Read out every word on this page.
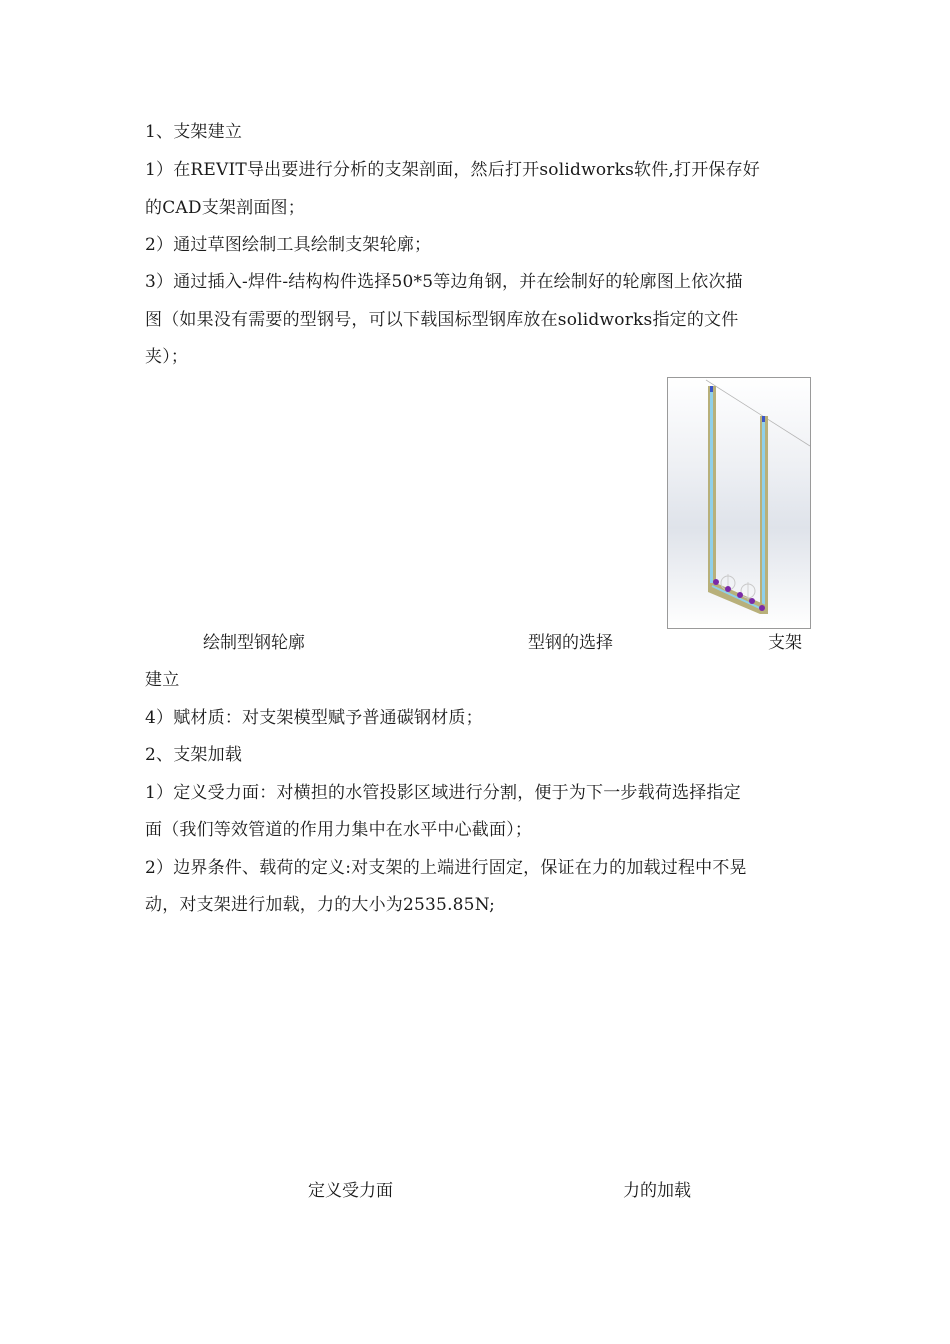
1、支架建立
1）在REVIT导出要进行分析的支架剖面，然后打开solidworks软件,打开保存好
的CAD支架剖面图；
2）通过草图绘制工具绘制支架轮廓；
3）通过插入-焊件-结构构件选择50*5等边角钢，并在绘制好的轮廓图上依次描
图（如果没有需要的型钢号，可以下载国标型钢库放在solidworks指定的文件
夹）；
绘制型钢轮廓	型钢的选择	支架
建立
4）赋材质：对支架模型赋予普通碳钢材质；
2、支架加载
1）定义受力面：对横担的水管投影区域进行分割，便于为下一步载荷选择指定
面（我们等效管道的作用力集中在水平中心截面）；
2）边界条件、载荷的定义:对支架的上端进行固定，保证在力的加载过程中不晃
动，对支架进行加载，力的大小为2535.85N;
定义受力面	力的加载
